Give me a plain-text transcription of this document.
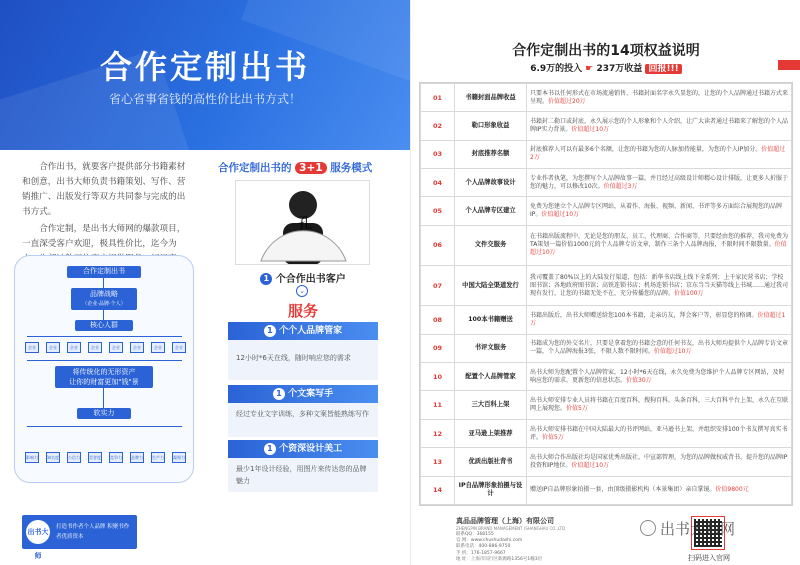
合作定制出书
省心省事省钱的高性价比出书方式！

合作出书，就要客户提供部分书籍素材和创意，出书大师负责书籍策划、写作、营销推广、出版发行等双方共同参与完成的出书方式。

合作定制，是出书大师网的爆款项目，一直深受客户欢迎，极具性价比，迄今为

合作定制出书
品牌战略
（企业·品牌·个人）
核心人群
企业	企业	企业	企业	企业	企业	企业	企业
将传统化的无形资产
让你的财富更加"钱"景
软实力
影响力 知名度 公信力 美誉度 竞争力 品牌力 生产力 凝聚力
出书大师
打造书作者个人品牌 积聚书作者优质资本
合作定制出书的 3+1 服务模式
孔
1 个合作出书客户
⌄
服务
1 个个人品牌管家
12小时*6天在线，随时响应您的需求
1 个文案写手
经过专业文字训练，多种文案皆能熟练写作
1 个资深设计美工
最少1年设计经验，用图片来传达您的品牌魅力
合作定制出书的14项权益说明
6.9万的投入 ☛ 237万收益 回报!!!
01	书籍封面品牌收益	只要本书以任何形式在市场流通销售、书籍封面名字永久显您的，让您的个人品牌通过书籍方式来呈现。价值超过20万
02	勒口形象收益	书籍封二勒口或封底，永久展示您的个人形象和个人介绍，让广大读者通过书籍来了解您的个人品牌IP实力背景。价值超过10万
03	封底推荐名额	封底推荐人可以有最多6个名额，让您的书籍为您的人脉加持能量，为您的个人IP加分。价值超过2万
04	个人品牌故事设计	专业作者执笔，为您撰写个人品牌故事一篇，并且经过高级设计师精心设计排版，让更多人折服于您的魅力，可以修改10次。价值超过3万
05	个人品牌专区建立	免费为您建立个人品牌专区网站，从着作、海报、视频、新闻、书评等多方面综合展现您的品牌IP。价值超过10万
06	文件交服务	在书籍出版流程中，无论是您的朋友、员工、代理商、合作商等，只要经由您的推荐，我司免费为TA策划一篇价值1000元的个人品牌专访文章，制作三条个人品牌海报，不限时间不限数量。价值超过10万
07	中国大陆全渠道发行	我司覆盖了80%以上的大陆发行渠道，包括：新华书店线上线下全系列；上千家民营书店；学校图书馆；各地政府图书馆；高铁连锁书店；机场连锁书店；京东当当天猫等线上书城……通过我司现有发行，让您的书籍无处不在，充分传播您的品牌。价值100万
08	100本书籍赠送	书籍出版后，出书大师赠送给您100本书籍，走亲访友，拜会客户等，彰显您的格调。价值超过1万
09	书评文服务	书籍成为您的外交名片，只要是拿着您的书籍会意的任何书友，出书大师均提供个人品牌专访文章一篇，个人品牌海报3张，不限人数不限时间。价值超过10万
10	配置个人品牌管家	出书大师为您配置个人品牌管家，12小时*6天在线，永久免费为您维护个人品牌专区网站，及时响应您的需求，更新您的信息状态。价值30万
11	三大百科上架	出书大师安排专业人员将书籍在百度百科，搜狗百科，头条百科，三大百科平台上架，永久在互联网上展现您。价值5万
12	亚马逊上架推荐	出书大师安排书籍在中国大陆最大的书评网站，亚马逊书上架，并组织安排100个书友撰写真实书评。价值5万
13	优质出版社背书	出书大师合作出版社均是国家优秀出版社，中宣部管理，为您的品牌做权威背书，提升您的品牌IP投资和IP地位。价值超过10万
14	IP自品牌形象拍摄与设计	赠送IP自品牌形象拍摄一套，由顶级摄影机构（本景集团）亲自掌镜。价值9800元
真品品牌管理（上海）有限公司
ZHENGPIN BRAND MANAGEMENT (SHANGHAI) CO.,LTD
联系QQ：368155
官 网：www.chushudashi.com
联系电话：400-886-9750
手 机：176-1857-9667
地 址：上海市闵行区新源路1356号1幢3层	扫码进入官网
出书大师网
